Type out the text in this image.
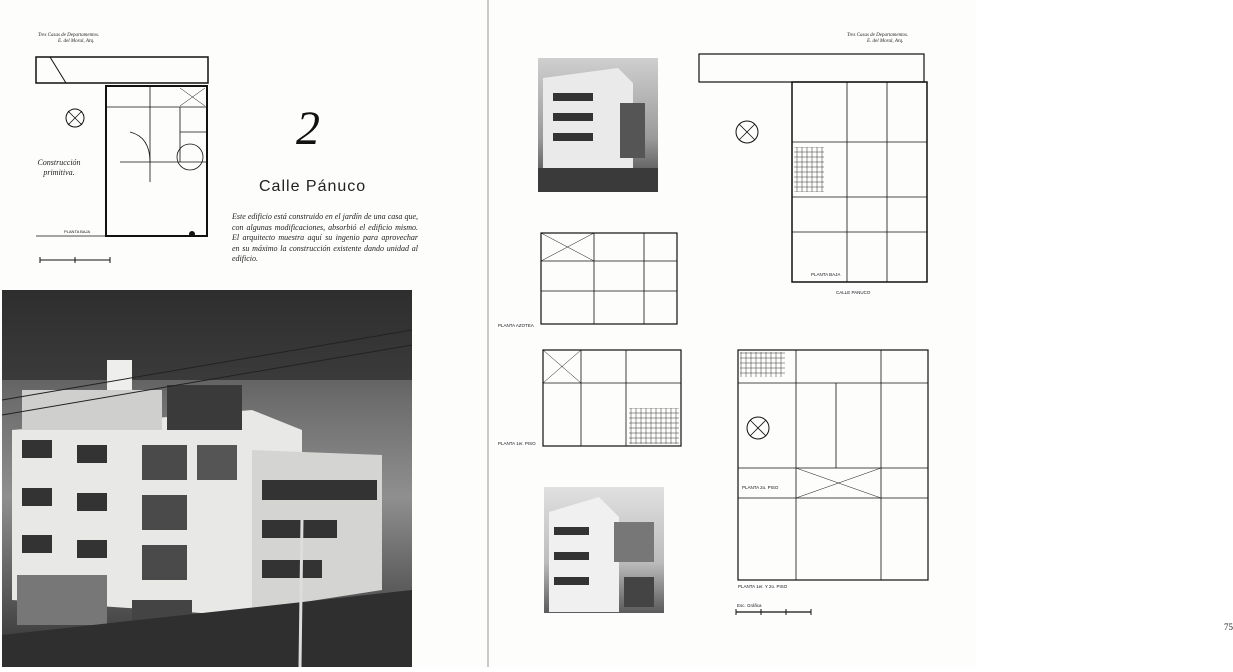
Tres Casas de Departamentos.
E. del Moral, Arq.
Construcción primitiva.
PLANTA BAJA
2
Calle Pánuco
Este edificio está construido en el jardín de una casa que, con algunas modificaciones, absorbió el edificio mismo. El arquitecto muestra aquí su ingenio para aprovechar en su máximo la construcción existente dando unidad al edificio.
Tres Casas de Departamentos.
E. del Moral, Arq.
PLANTA BAJA
CALLE PANUCO
PLANTA AZOTEA
PLANTA 1er. PISO
PLANTA 2o. PISO
PLANTA 1er. Y 2o. PISO
Esc. Gráfica
75
